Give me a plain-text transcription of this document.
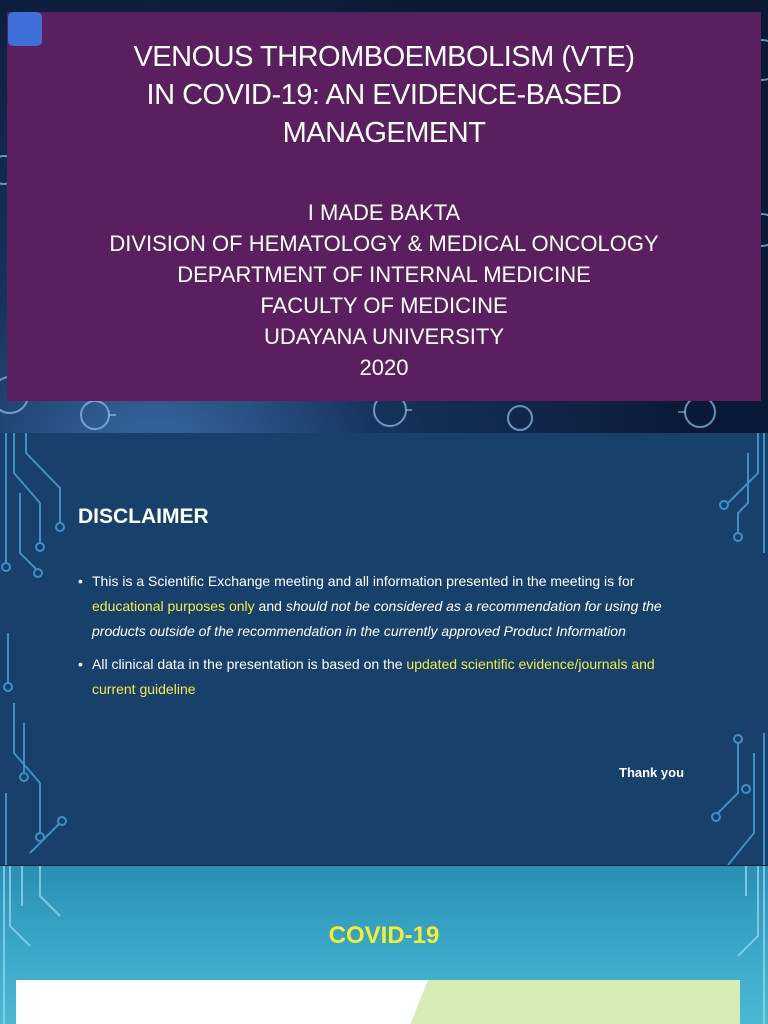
VENOUS THROMBOEMBOLISM (VTE)
IN COVID-19: AN EVIDENCE-BASED
MANAGEMENT
I MADE BAKTA
DIVISION OF HEMATOLOGY & MEDICAL ONCOLOGY
DEPARTMENT OF INTERNAL MEDICINE
FACULTY OF MEDICINE
UDAYANA UNIVERSITY
2020
DISCLAIMER
• This is a Scientific Exchange meeting and all information presented in the meeting is for educational purposes only and should not be considered as a recommendation for using the products outside of the recommendation in the currently approved Product Information
• All clinical data in the presentation is based on the updated scientific evidence/journals and current guideline
Thank you
COVID-19
